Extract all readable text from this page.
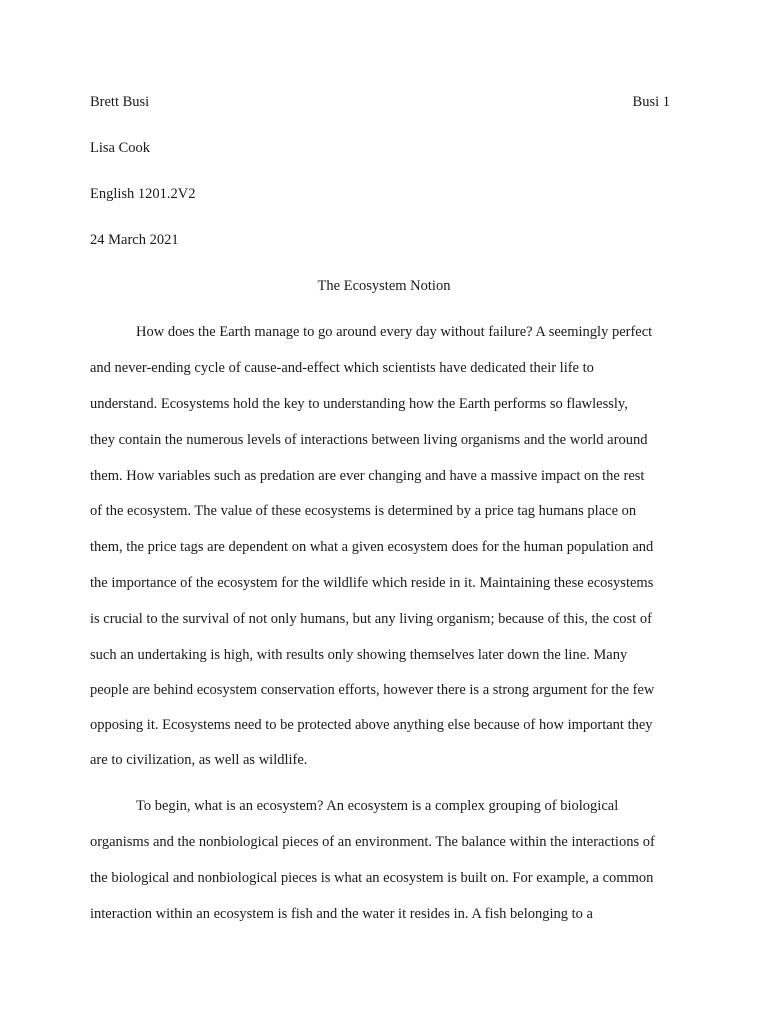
Brett Busi	Busi 1
Lisa Cook
English 1201.2V2
24 March 2021
The Ecosystem Notion
How does the Earth manage to go around every day without failure? A seemingly perfect
and never-ending cycle of cause-and-effect which scientists have dedicated their life to
understand. Ecosystems hold the key to understanding how the Earth performs so flawlessly,
they contain the numerous levels of interactions between living organisms and the world around
them. How variables such as predation are ever changing and have a massive impact on the rest
of the ecosystem. The value of these ecosystems is determined by a price tag humans place on
them, the price tags are dependent on what a given ecosystem does for the human population and
the importance of the ecosystem for the wildlife which reside in it. Maintaining these ecosystems
is crucial to the survival of not only humans, but any living organism; because of this, the cost of
such an undertaking is high, with results only showing themselves later down the line. Many
people are behind ecosystem conservation efforts, however there is a strong argument for the few
opposing it. Ecosystems need to be protected above anything else because of how important they
are to civilization, as well as wildlife.
To begin, what is an ecosystem? An ecosystem is a complex grouping of biological
organisms and the nonbiological pieces of an environment. The balance within the interactions of
the biological and nonbiological pieces is what an ecosystem is built on. For example, a common
interaction within an ecosystem is fish and the water it resides in. A fish belonging to a
